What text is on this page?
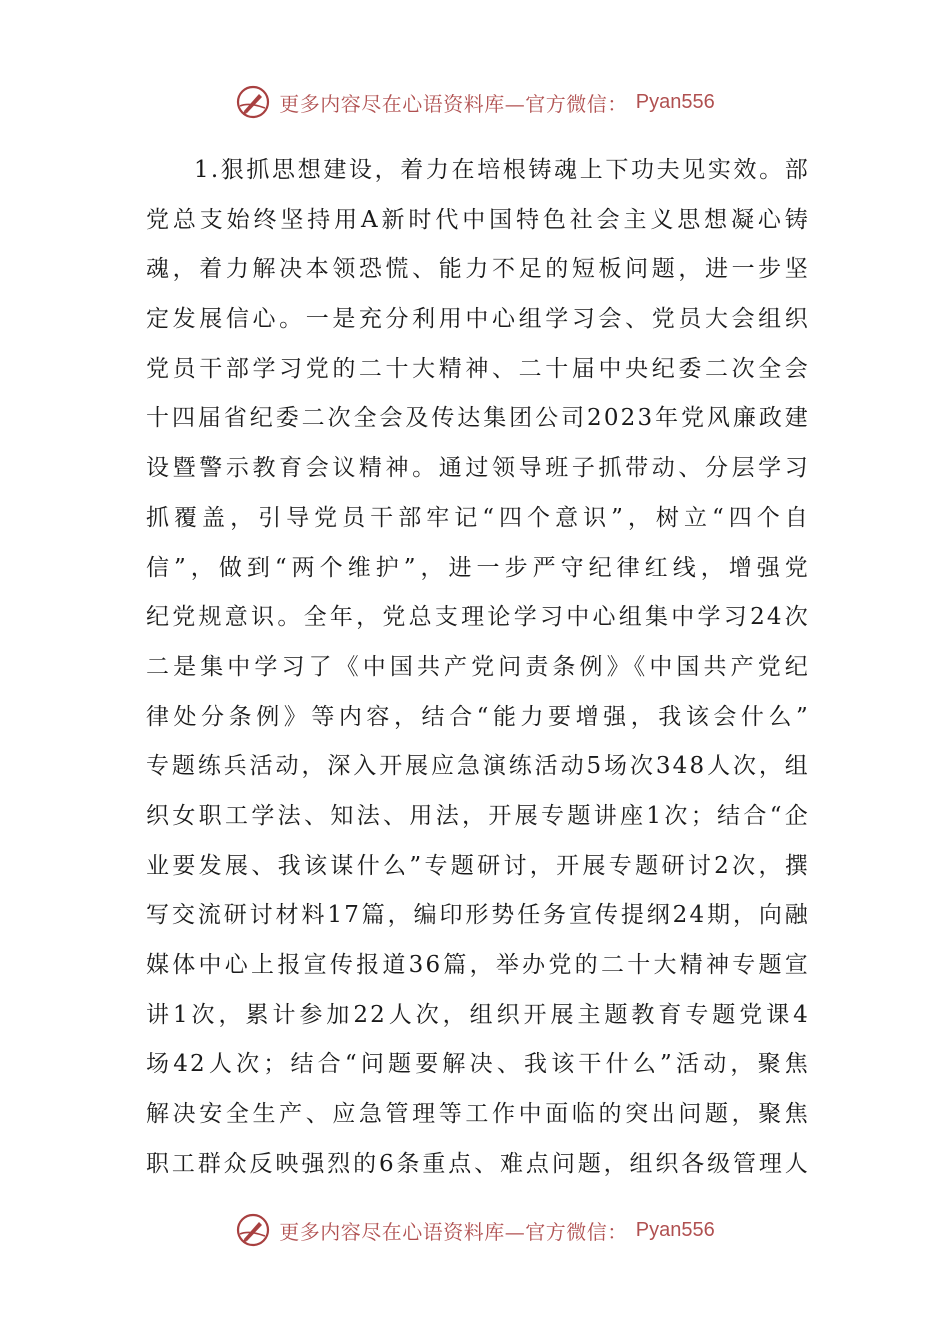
更多内容尽在心语资料库—官方微信： Pyan556
1.狠抓思想建设，着力在培根铸魂上下功夫见实效。部
党总支始终坚持用A新时代中国特色社会主义思想凝心铸
魂，着力解决本领恐慌、能力不足的短板问题，进一步坚
定发展信心。一是充分利用中心组学习会、党员大会组织
党员干部学习党的二十大精神、二十届中央纪委二次全会
十四届省纪委二次全会及传达集团公司2023年党风廉政建
设暨警示教育会议精神。通过领导班子抓带动、分层学习
抓覆盖，引导党员干部牢记“四个意识”，树立“四个自
信”，做到“两个维护”，进一步严守纪律红线，增强党
纪党规意识。全年，党总支理论学习中心组集中学习24次
二是集中学习了《中国共产党问责条例》《中国共产党纪
律处分条例》等内容，结合“能力要增强，我该会什么”
专题练兵活动，深入开展应急演练活动5场次348人次，组
织女职工学法、知法、用法，开展专题讲座1次；结合“企
业要发展、我该谋什么”专题研讨，开展专题研讨2次，撰
写交流研讨材料17篇，编印形势任务宣传提纲24期，向融
媒体中心上报宣传报道36篇，举办党的二十大精神专题宣
讲1次，累计参加22人次，组织开展主题教育专题党课4
场42人次；结合“问题要解决、我该干什么”活动，聚焦
解决安全生产、应急管理等工作中面临的突出问题，聚焦
职工群众反映强烈的6条重点、难点问题，组织各级管理人
更多内容尽在心语资料库—官方微信： Pyan556
